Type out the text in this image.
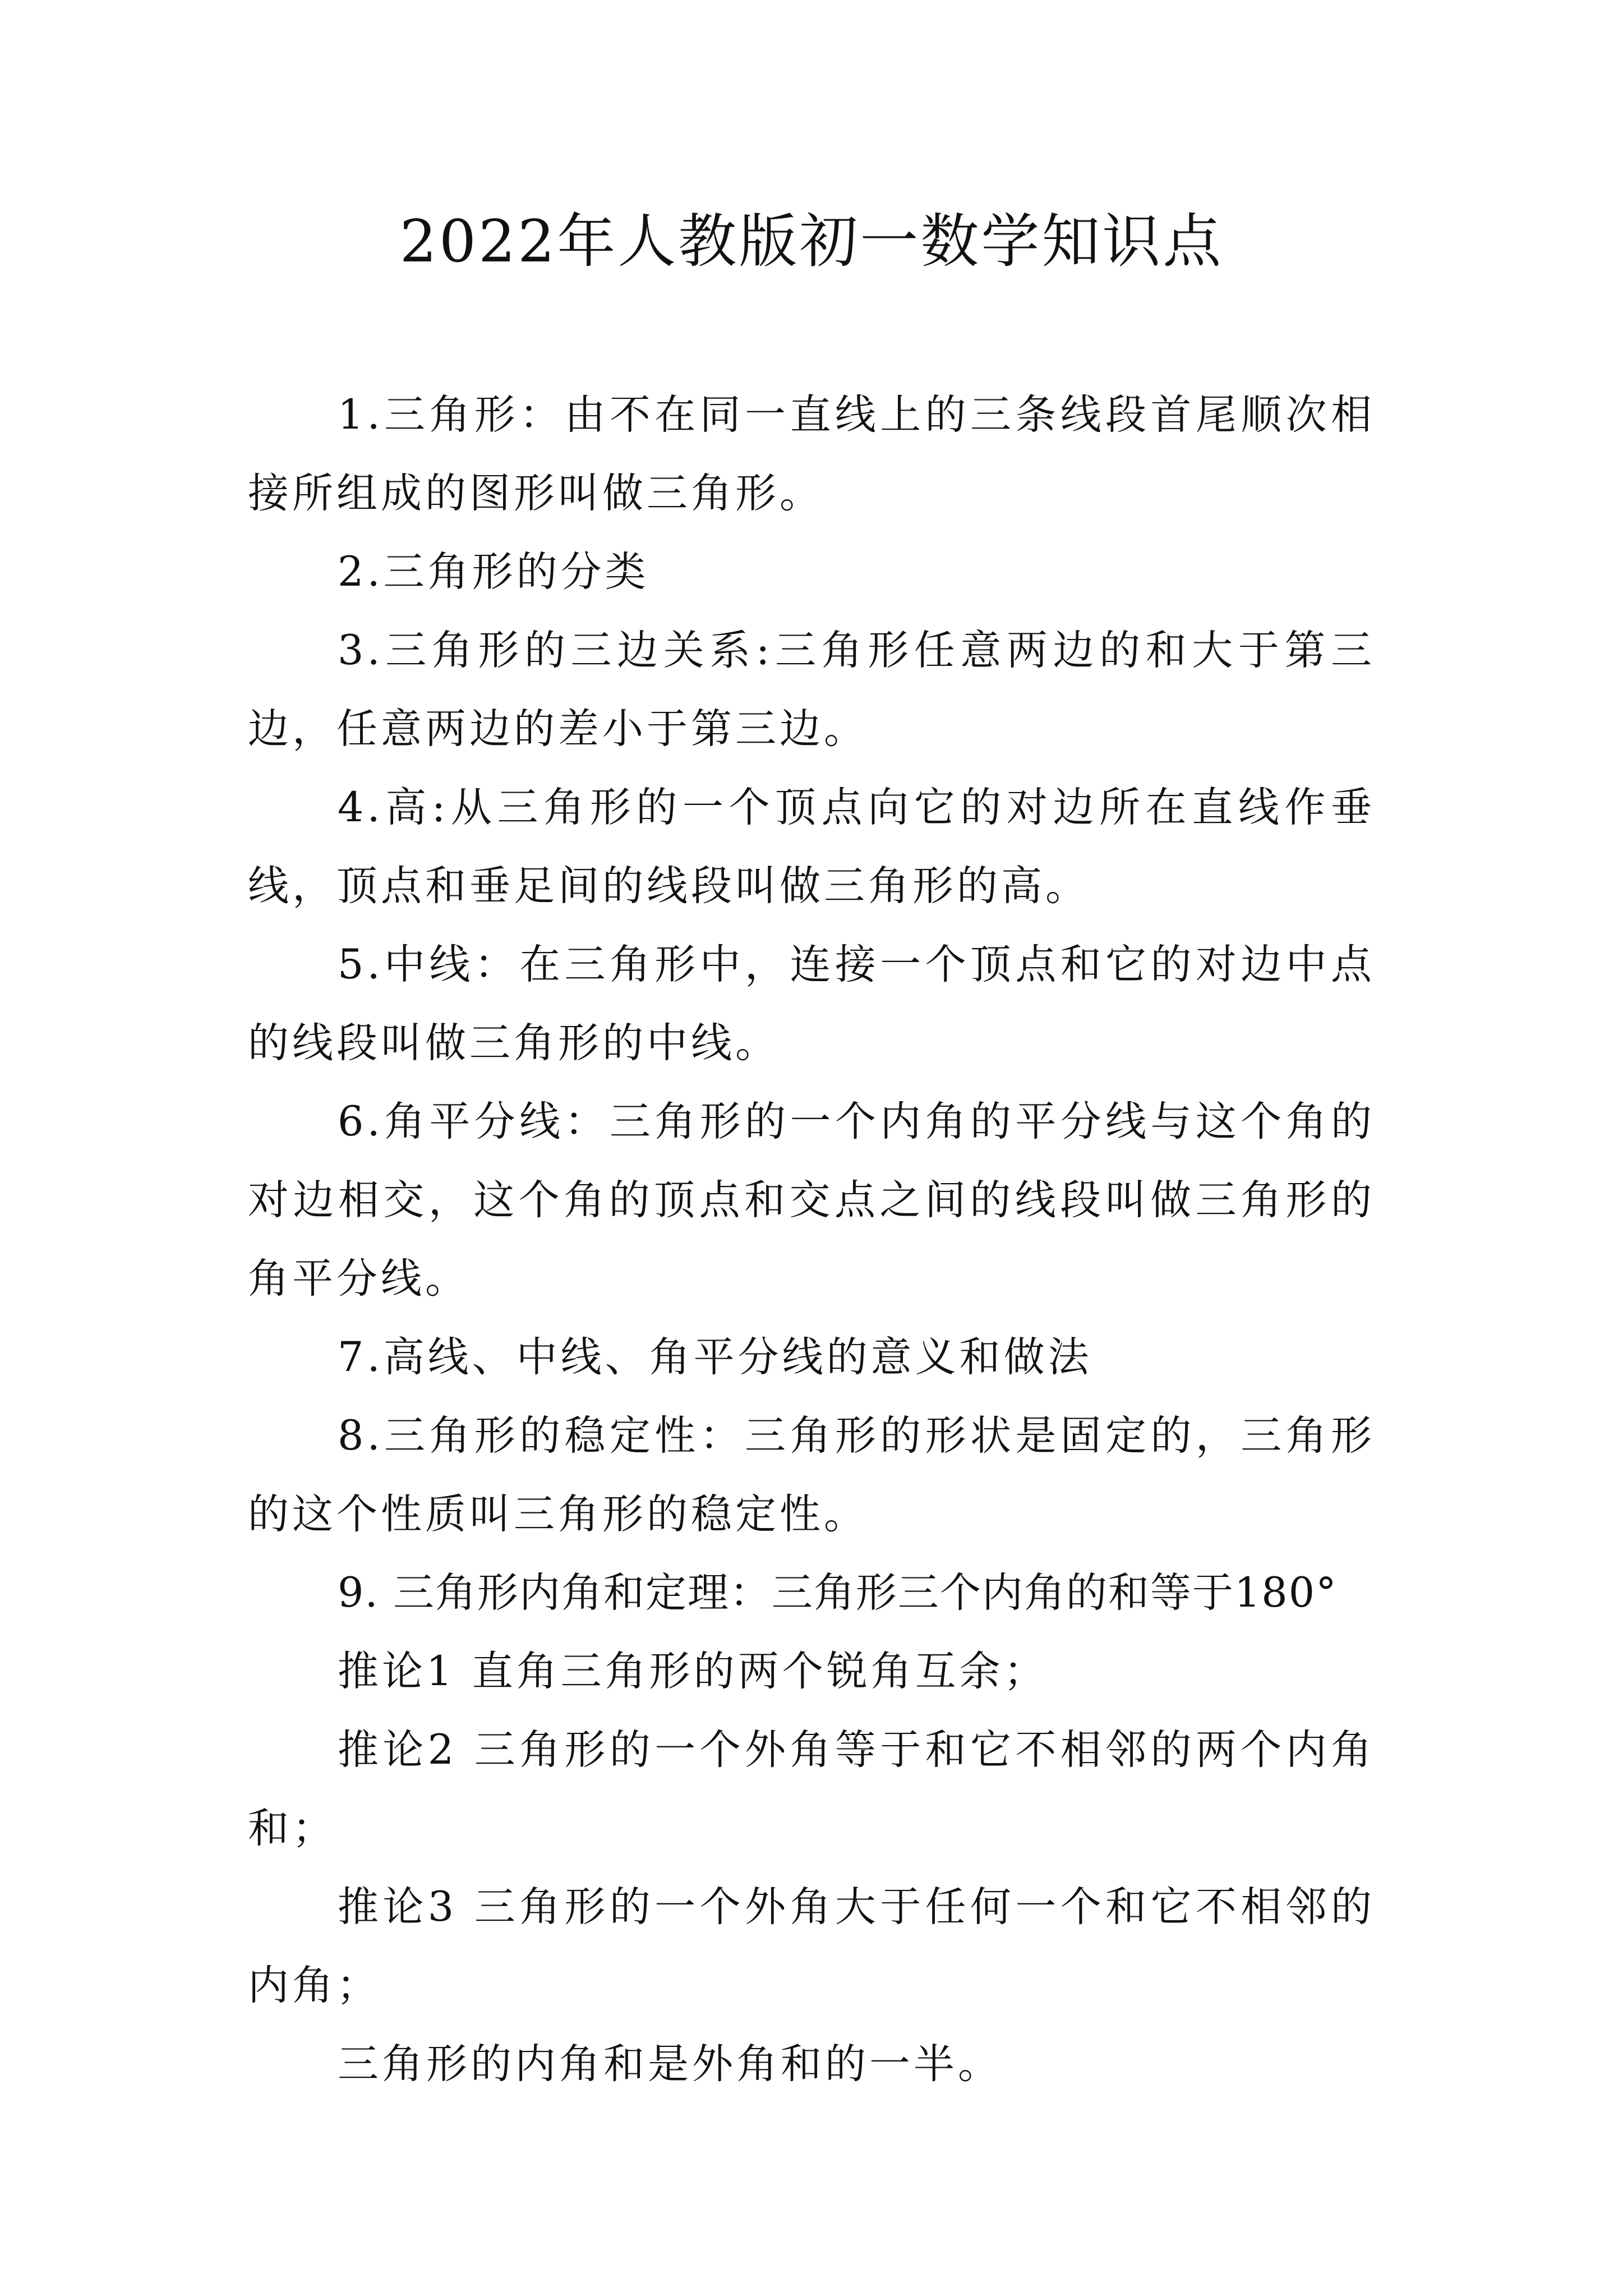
2022年人教版初一数学知识点

1.三角形：由不在同一直线上的三条线段首尾顺次相接所组成的图形叫做三角形。

2.三角形的分类

3.三角形的三边关系:三角形任意两边的和大于第三边，任意两边的差小于第三边。

4.高:从三角形的一个顶点向它的对边所在直线作垂线，顶点和垂足间的线段叫做三角形的高。

5.中线：在三角形中，连接一个顶点和它的对边中点的线段叫做三角形的中线。

6.角平分线：三角形的一个内角的平分线与这个角的对边相交，这个角的顶点和交点之间的线段叫做三角形的角平分线。

7.高线、中线、角平分线的意义和做法

8.三角形的稳定性：三角形的形状是固定的，三角形的这个性质叫三角形的稳定性。

9. 三角形内角和定理：三角形三个内角的和等于180°

推论1 直角三角形的两个锐角互余；

推论2 三角形的一个外角等于和它不相邻的两个内角和；

推论3 三角形的一个外角大于任何一个和它不相邻的内角；

三角形的内角和是外角和的一半。
